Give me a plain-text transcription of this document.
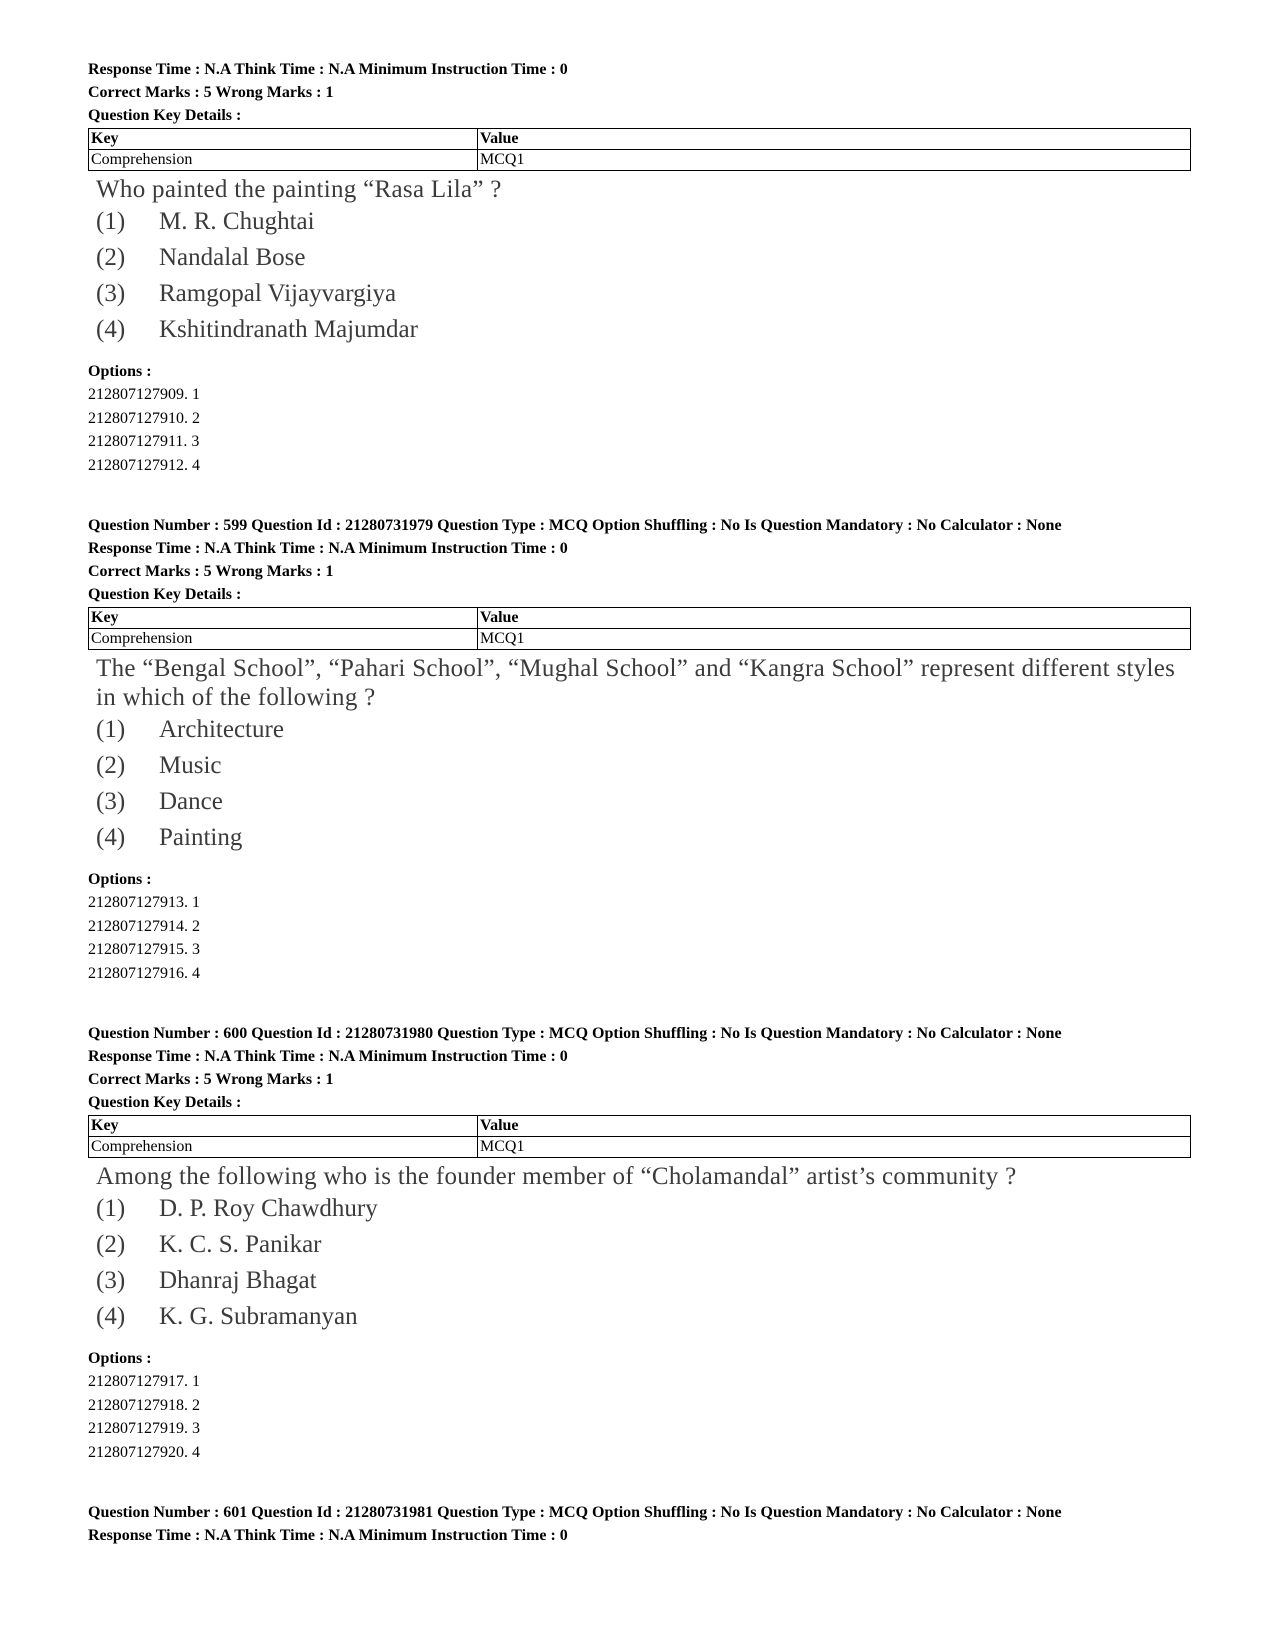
Response Time : N.A Think Time : N.A Minimum Instruction Time : 0
Correct Marks : 5 Wrong Marks : 1
Question Key Details :
Key	Value
Comprehension	MCQ1
Who painted the painting “Rasa Lila” ?
(1)	M. R. Chughtai
(2)	Nandalal Bose
(3)	Ramgopal Vijayvargiya
(4)	Kshitindranath Majumdar
Options :
212807127909. 1
212807127910. 2
212807127911. 3
212807127912. 4
Question Number : 599 Question Id : 21280731979 Question Type : MCQ Option Shuffling : No Is Question Mandatory : No Calculator : None
Response Time : N.A Think Time : N.A Minimum Instruction Time : 0
Correct Marks : 5 Wrong Marks : 1
Question Key Details :
Key	Value
Comprehension	MCQ1
The “Bengal School”, “Pahari School”, “Mughal School” and “Kangra School” represent different styles in which of the following ?
(1)	Architecture
(2)	Music
(3)	Dance
(4)	Painting
Options :
212807127913. 1
212807127914. 2
212807127915. 3
212807127916. 4
Question Number : 600 Question Id : 21280731980 Question Type : MCQ Option Shuffling : No Is Question Mandatory : No Calculator : None
Response Time : N.A Think Time : N.A Minimum Instruction Time : 0
Correct Marks : 5 Wrong Marks : 1
Question Key Details :
Key	Value
Comprehension	MCQ1
Among the following who is the founder member of “Cholamandal” artist’s community ?
(1)	D. P. Roy Chawdhury
(2)	K. C. S. Panikar
(3)	Dhanraj Bhagat
(4)	K. G. Subramanyan
Options :
212807127917. 1
212807127918. 2
212807127919. 3
212807127920. 4
Question Number : 601 Question Id : 21280731981 Question Type : MCQ Option Shuffling : No Is Question Mandatory : No Calculator : None
Response Time : N.A Think Time : N.A Minimum Instruction Time : 0
